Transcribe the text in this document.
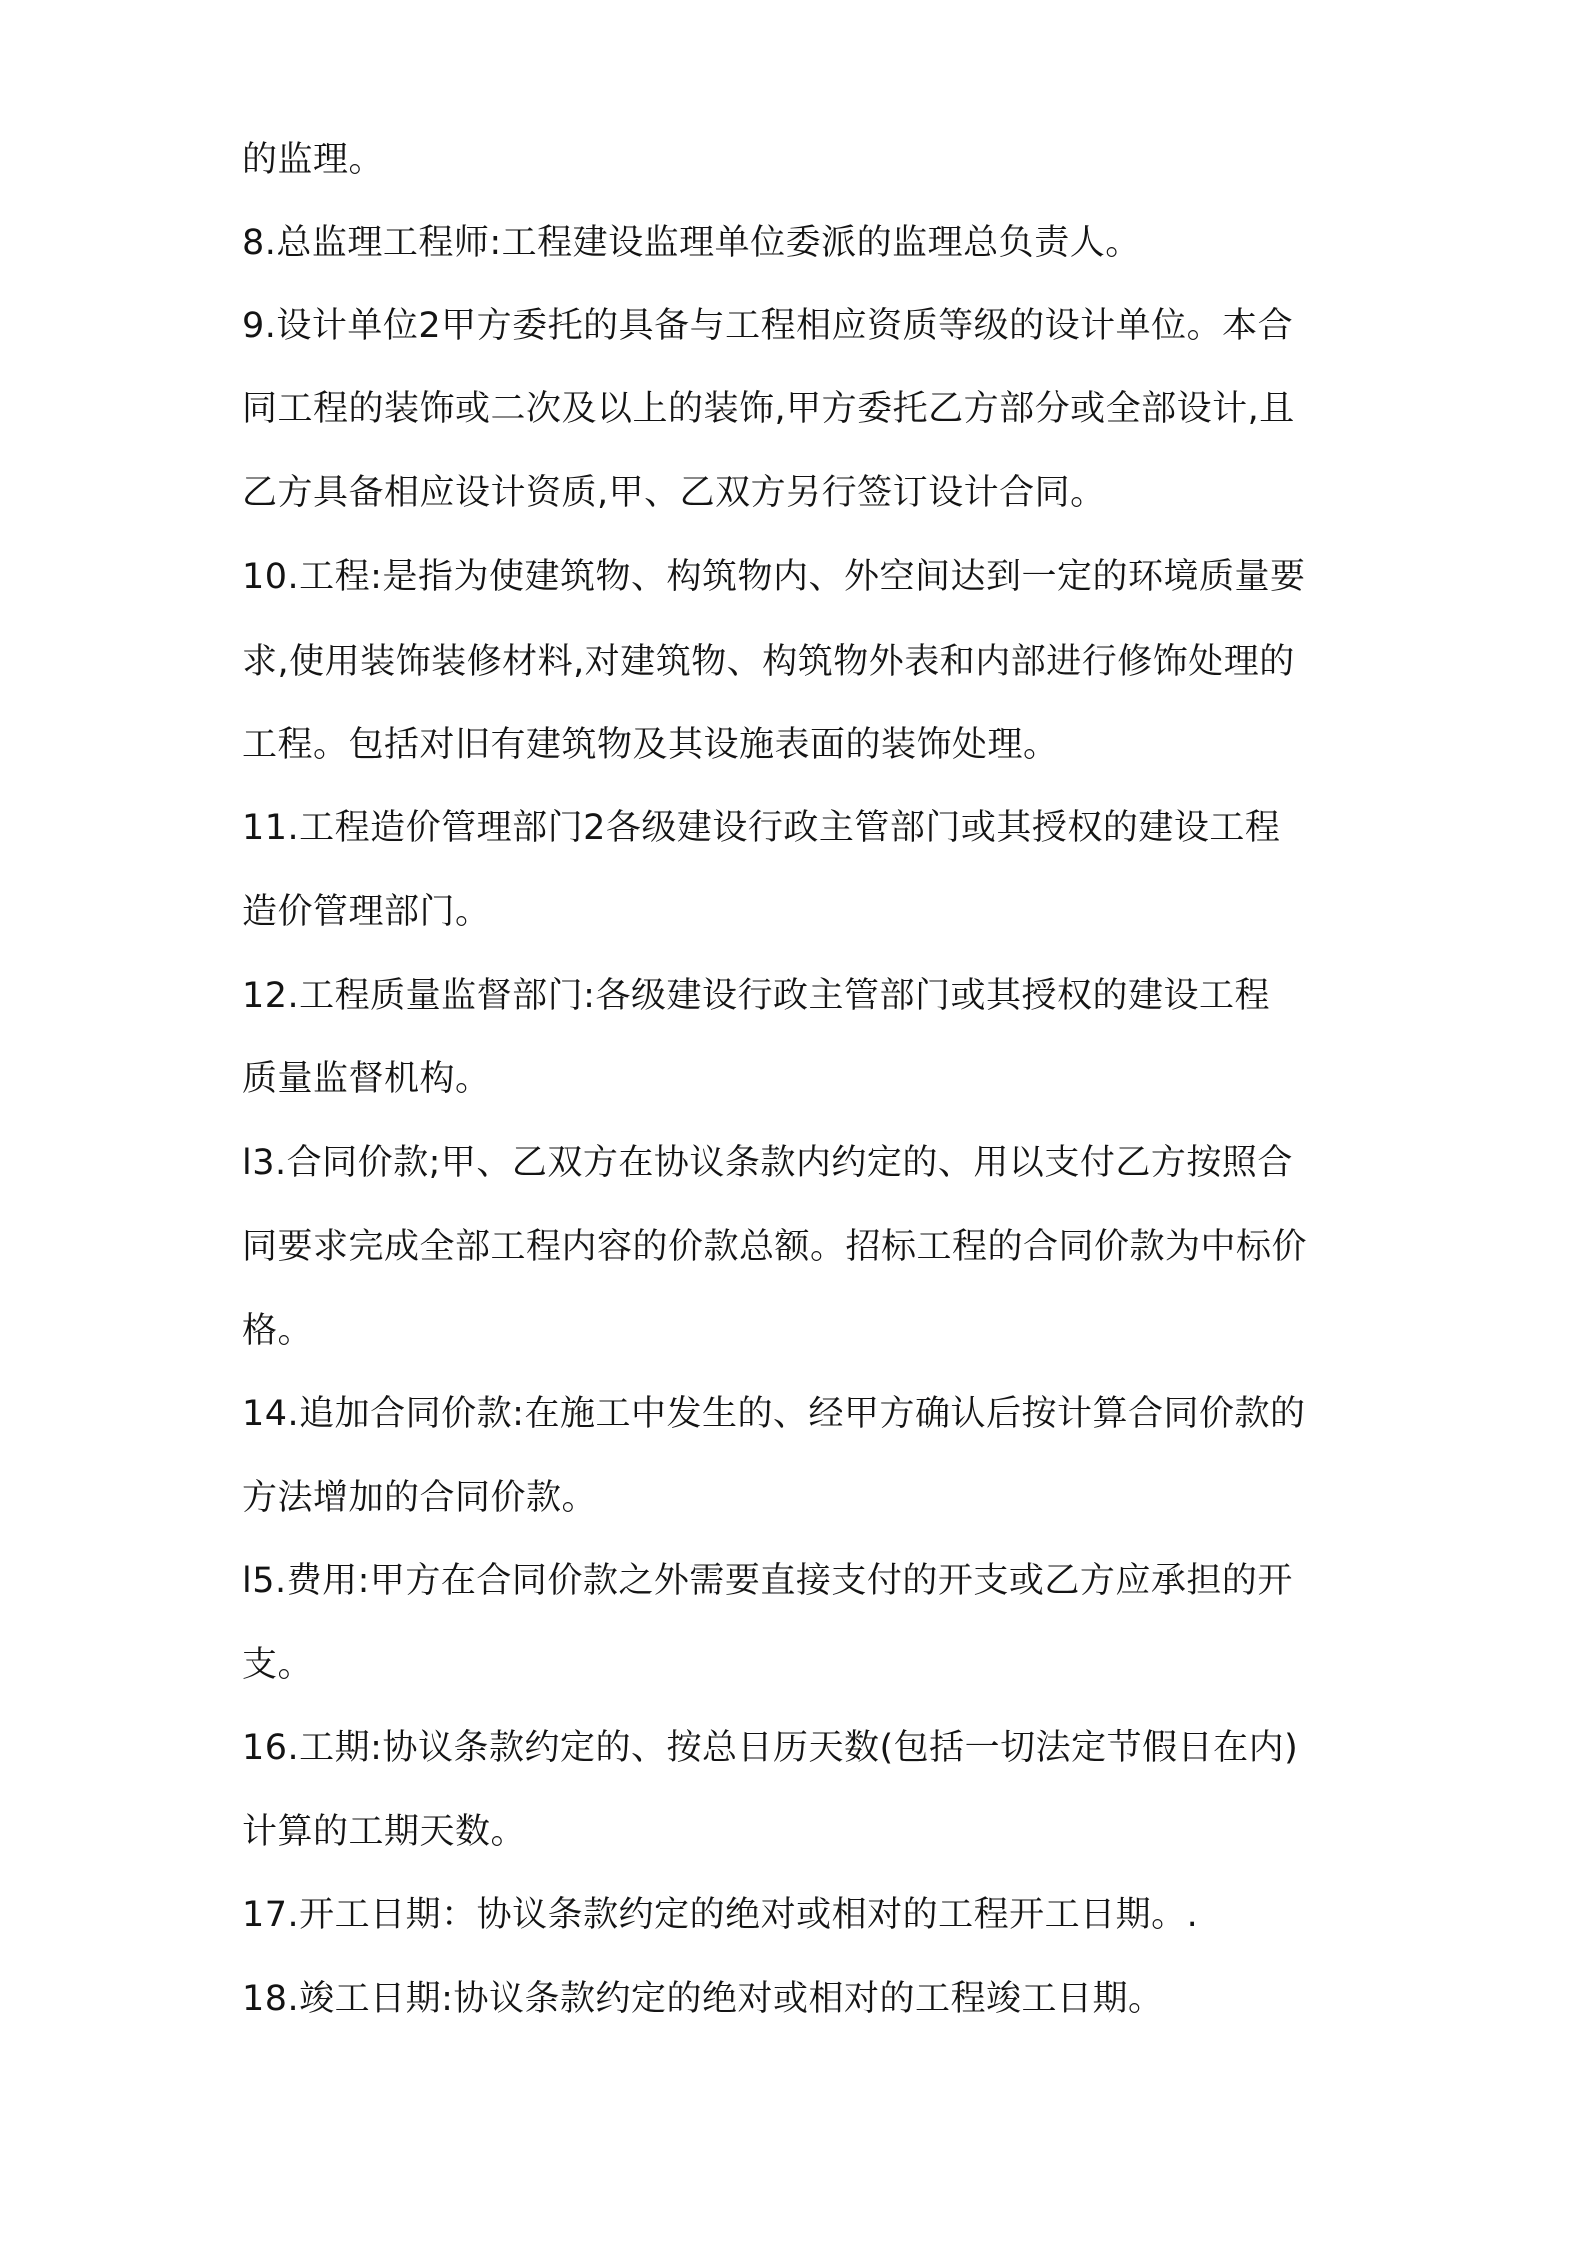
的监理。
8.总监理工程师:工程建设监理单位委派的监理总负责人。
9.设计单位2甲方委托的具备与工程相应资质等级的设计单位。本合
同工程的装饰或二次及以上的装饰,甲方委托乙方部分或全部设计,且
乙方具备相应设计资质,甲、乙双方另行签订设计合同。
10.工程:是指为使建筑物、构筑物内、外空间达到一定的环境质量要
求,使用装饰装修材料,对建筑物、构筑物外表和内部进行修饰处理的
工程。包括对旧有建筑物及其设施表面的装饰处理。
11.工程造价管理部门2各级建设行政主管部门或其授权的建设工程
造价管理部门。
12.工程质量监督部门:各级建设行政主管部门或其授权的建设工程
质量监督机构。
l3.合同价款;甲、乙双方在协议条款内约定的、用以支付乙方按照合
同要求完成全部工程内容的价款总额。招标工程的合同价款为中标价
格。
14.追加合同价款:在施工中发生的、经甲方确认后按计算合同价款的
方法增加的合同价款。
l5.费用:甲方在合同价款之外需要直接支付的开支或乙方应承担的开
支。
16.工期:协议条款约定的、按总日历天数(包括一切法定节假日在内)
计算的工期天数。
17.开工日期：协议条款约定的绝对或相对的工程开工日期。.
18.竣工日期:协议条款约定的绝对或相对的工程竣工日期。
